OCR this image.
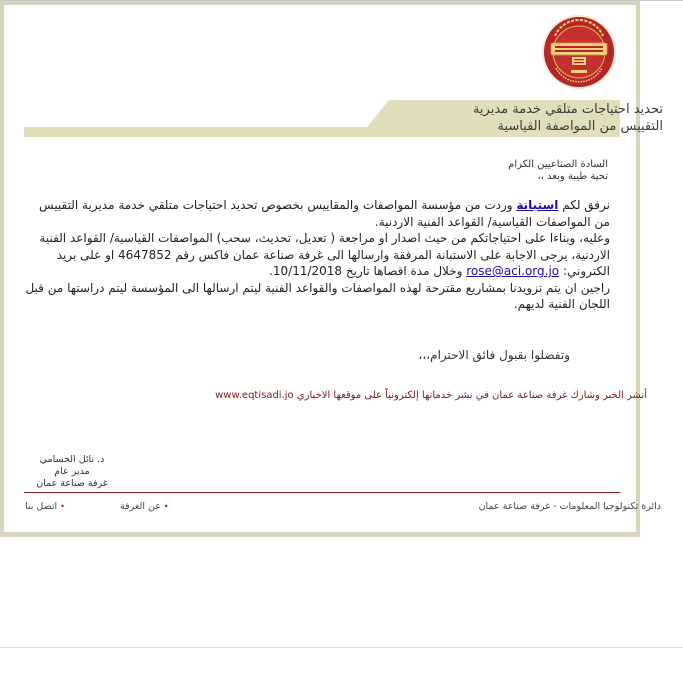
تحديد احتياجات متلقي خدمة مديرية
التقييس من المواصفة القياسية
السادة الصناعيين الكرام
تحية طيبة وبعد ،،

نرفق لكم استبانة وردت من مؤسسة المواصفات والمقاييس بخصوص تحديد احتياجات متلقي خدمة مديرية التقييس من المواصفات القياسية/ القواعد الفنية الاردنية.

وعليه، وبناءا على احتياجاتكم من حيث اصدار او مراجعة ( تعديل، تحديث، سحب) المواصفات القياسية/ القواعد الفنية الاردنية، يرجى الاجابة على الاستبانة المرفقة وارسالها الى غرفة صناعة عمان فاكس رقم 4647852 او على بريد الكتروني: rose@aci.org.jo وخلال مدة اقصاها تاريخ 10/11/2018.

راجين ان يتم تزويدنا بمشاريع مقترحة لهذه المواصفات والقواعد الفنية ليتم ارسالها الى المؤسسة ليتم دراستها من قبل اللجان الفنية لديهم.

وتفضلوا بقبول فائق الاحترام،،،
أنشر الخبر وشارك غرفة صناعة عمان في نشر خدماتها إلكترونياً على موقعها الاخباري www.eqtisadi.jo
د. نائل الحسامي
مدير عام
غرفة صناعة عمان
دائرة تكنولوجيا المعلومات - غرفة صناعة عمان
•عن الغرفة
•اتصل بنا
